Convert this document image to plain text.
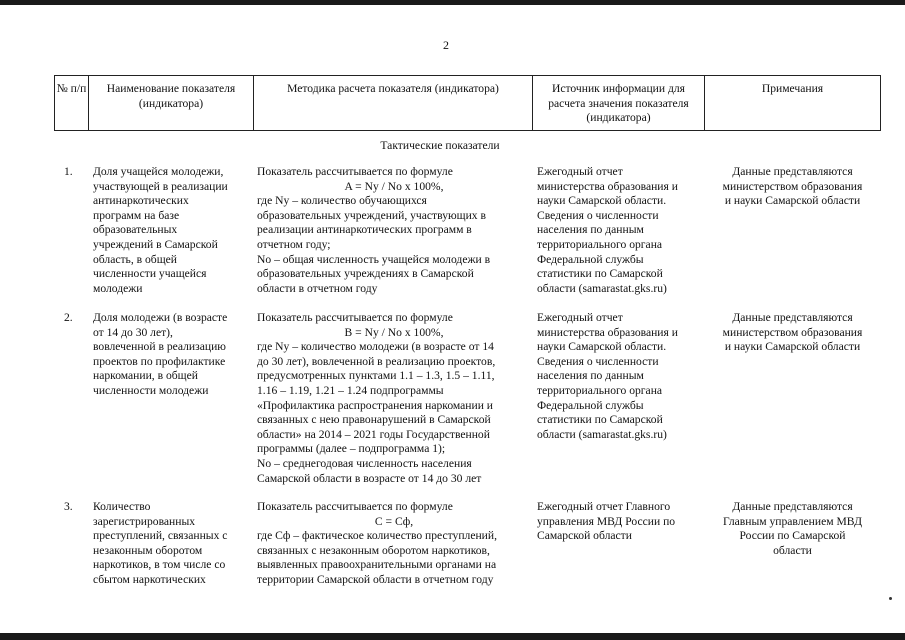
2
№ п/п	Наименование показателя (индикатора)
Методика расчета показателя (индикатора)	Источник информации для расчета значения показателя (индикатора)
Примечания
Тактические показатели
1. Доля учащейся молодежи,
участвующей в реализации
антинаркотических
программ на базе
образовательных
учреждений в Самарской
область, в общей
численности учащейся
молодежи
Показатель рассчитывается по формуле
A = Nу / Nо x 100%,
где Nу – количество обучающихся
образовательных учреждений, участвующих в
реализации антинаркотических программ в
отчетном году;
Nо – общая численность учащейся молодежи в
образовательных учреждениях в Самарской
области в отчетном году
Ежегодный отчет
министерства образования и
науки Самарской области.
Сведения о численности
населения по данным
территориального органа
Федеральной службы
статистики по Самарской
области (samarastat.gks.ru)
Данные представляются
министерством образования
и науки Самарской области
2. Доля молодежи (в возрасте
от 14 до 30 лет),
вовлеченной в реализацию
проектов по профилактике
наркомании, в общей
численности молодежи
Показатель рассчитывается по формуле
B = Nу / Nо x 100%,
где Nу – количество молодежи (в возрасте от 14
до 30 лет), вовлеченной в реализацию проектов,
предусмотренных пунктами 1.1 – 1.3, 1.5 – 1.11,
1.16 – 1.19, 1.21 – 1.24 подпрограммы
«Профилактика распространения наркомании и
связанных с нею правонарушений в Самарской
области» на 2014 – 2021 годы Государственной
программы (далее – подпрограмма 1);
Nо – среднегодовая численность населения
Самарской области в возрасте от 14 до 30 лет
Ежегодный отчет
министерства образования и
науки Самарской области.
Сведения о численности
населения по данным
территориального органа
Федеральной службы
статистики по Самарской
области (samarastat.gks.ru)
Данные представляются
министерством образования
и науки Самарской области
3. Количество
зарегистрированных
преступлений, связанных с
незаконным оборотом
наркотиков, в том числе со
сбытом наркотических
Показатель рассчитывается по формуле
C = Cф,
где Cф – фактическое количество преступлений,
связанных с незаконным оборотом наркотиков,
выявленных правоохранительными органами на
территории Самарской области в отчетном году
Ежегодный отчет Главного
управления МВД России по
Самарской области
Данные представляются
Главным управлением МВД
России по Самарской
области
